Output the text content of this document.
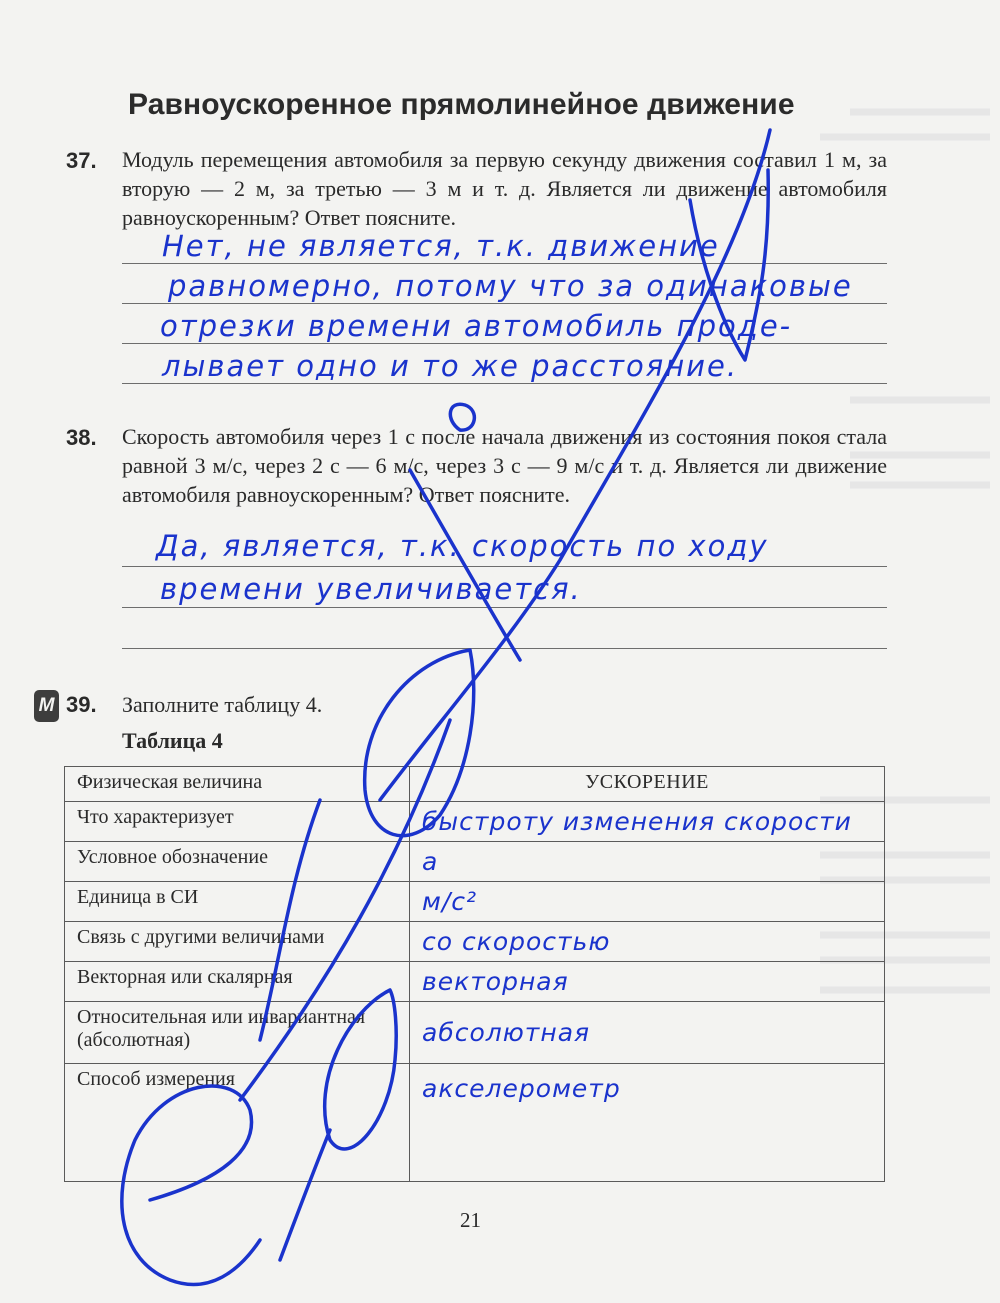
Равноускоренное прямолинейное движение
37. Модуль перемещения автомобиля за первую секунду движения составил 1 м, за вторую — 2 м, за третью — 3 м и т. д. Является ли движение автомобиля равноускоренным? Ответ поясните.

Нет, не является, т.к. движение
равномерно, потому что за одинаковые
отрезки времени автомобиль проде-
лывает одно и то же расстояние.
38. Скорость автомобиля через 1 с после начала движения из состояния покоя стала равной 3 м/с, через 2 с — 6 м/с, через 3 с — 9 м/с и т. д. Является ли движение автомобиля равноускоренным? Ответ поясните.

Да, является, т.к. скорость по ходу
времени увеличивается.
М 39. Заполните таблицу 4.

Таблица 4

Физическая величина	УСКОРЕНИЕ
Что характеризует	быстроту изменения скорости
Условное обозначение	a
Единица в СИ	м/с²
Связь с другими величинами	со скоростью
Векторная или скалярная	векторная
Относительная или инвариантная (абсолютная)	абсолютная
Способ измерения	акселерометр
21
